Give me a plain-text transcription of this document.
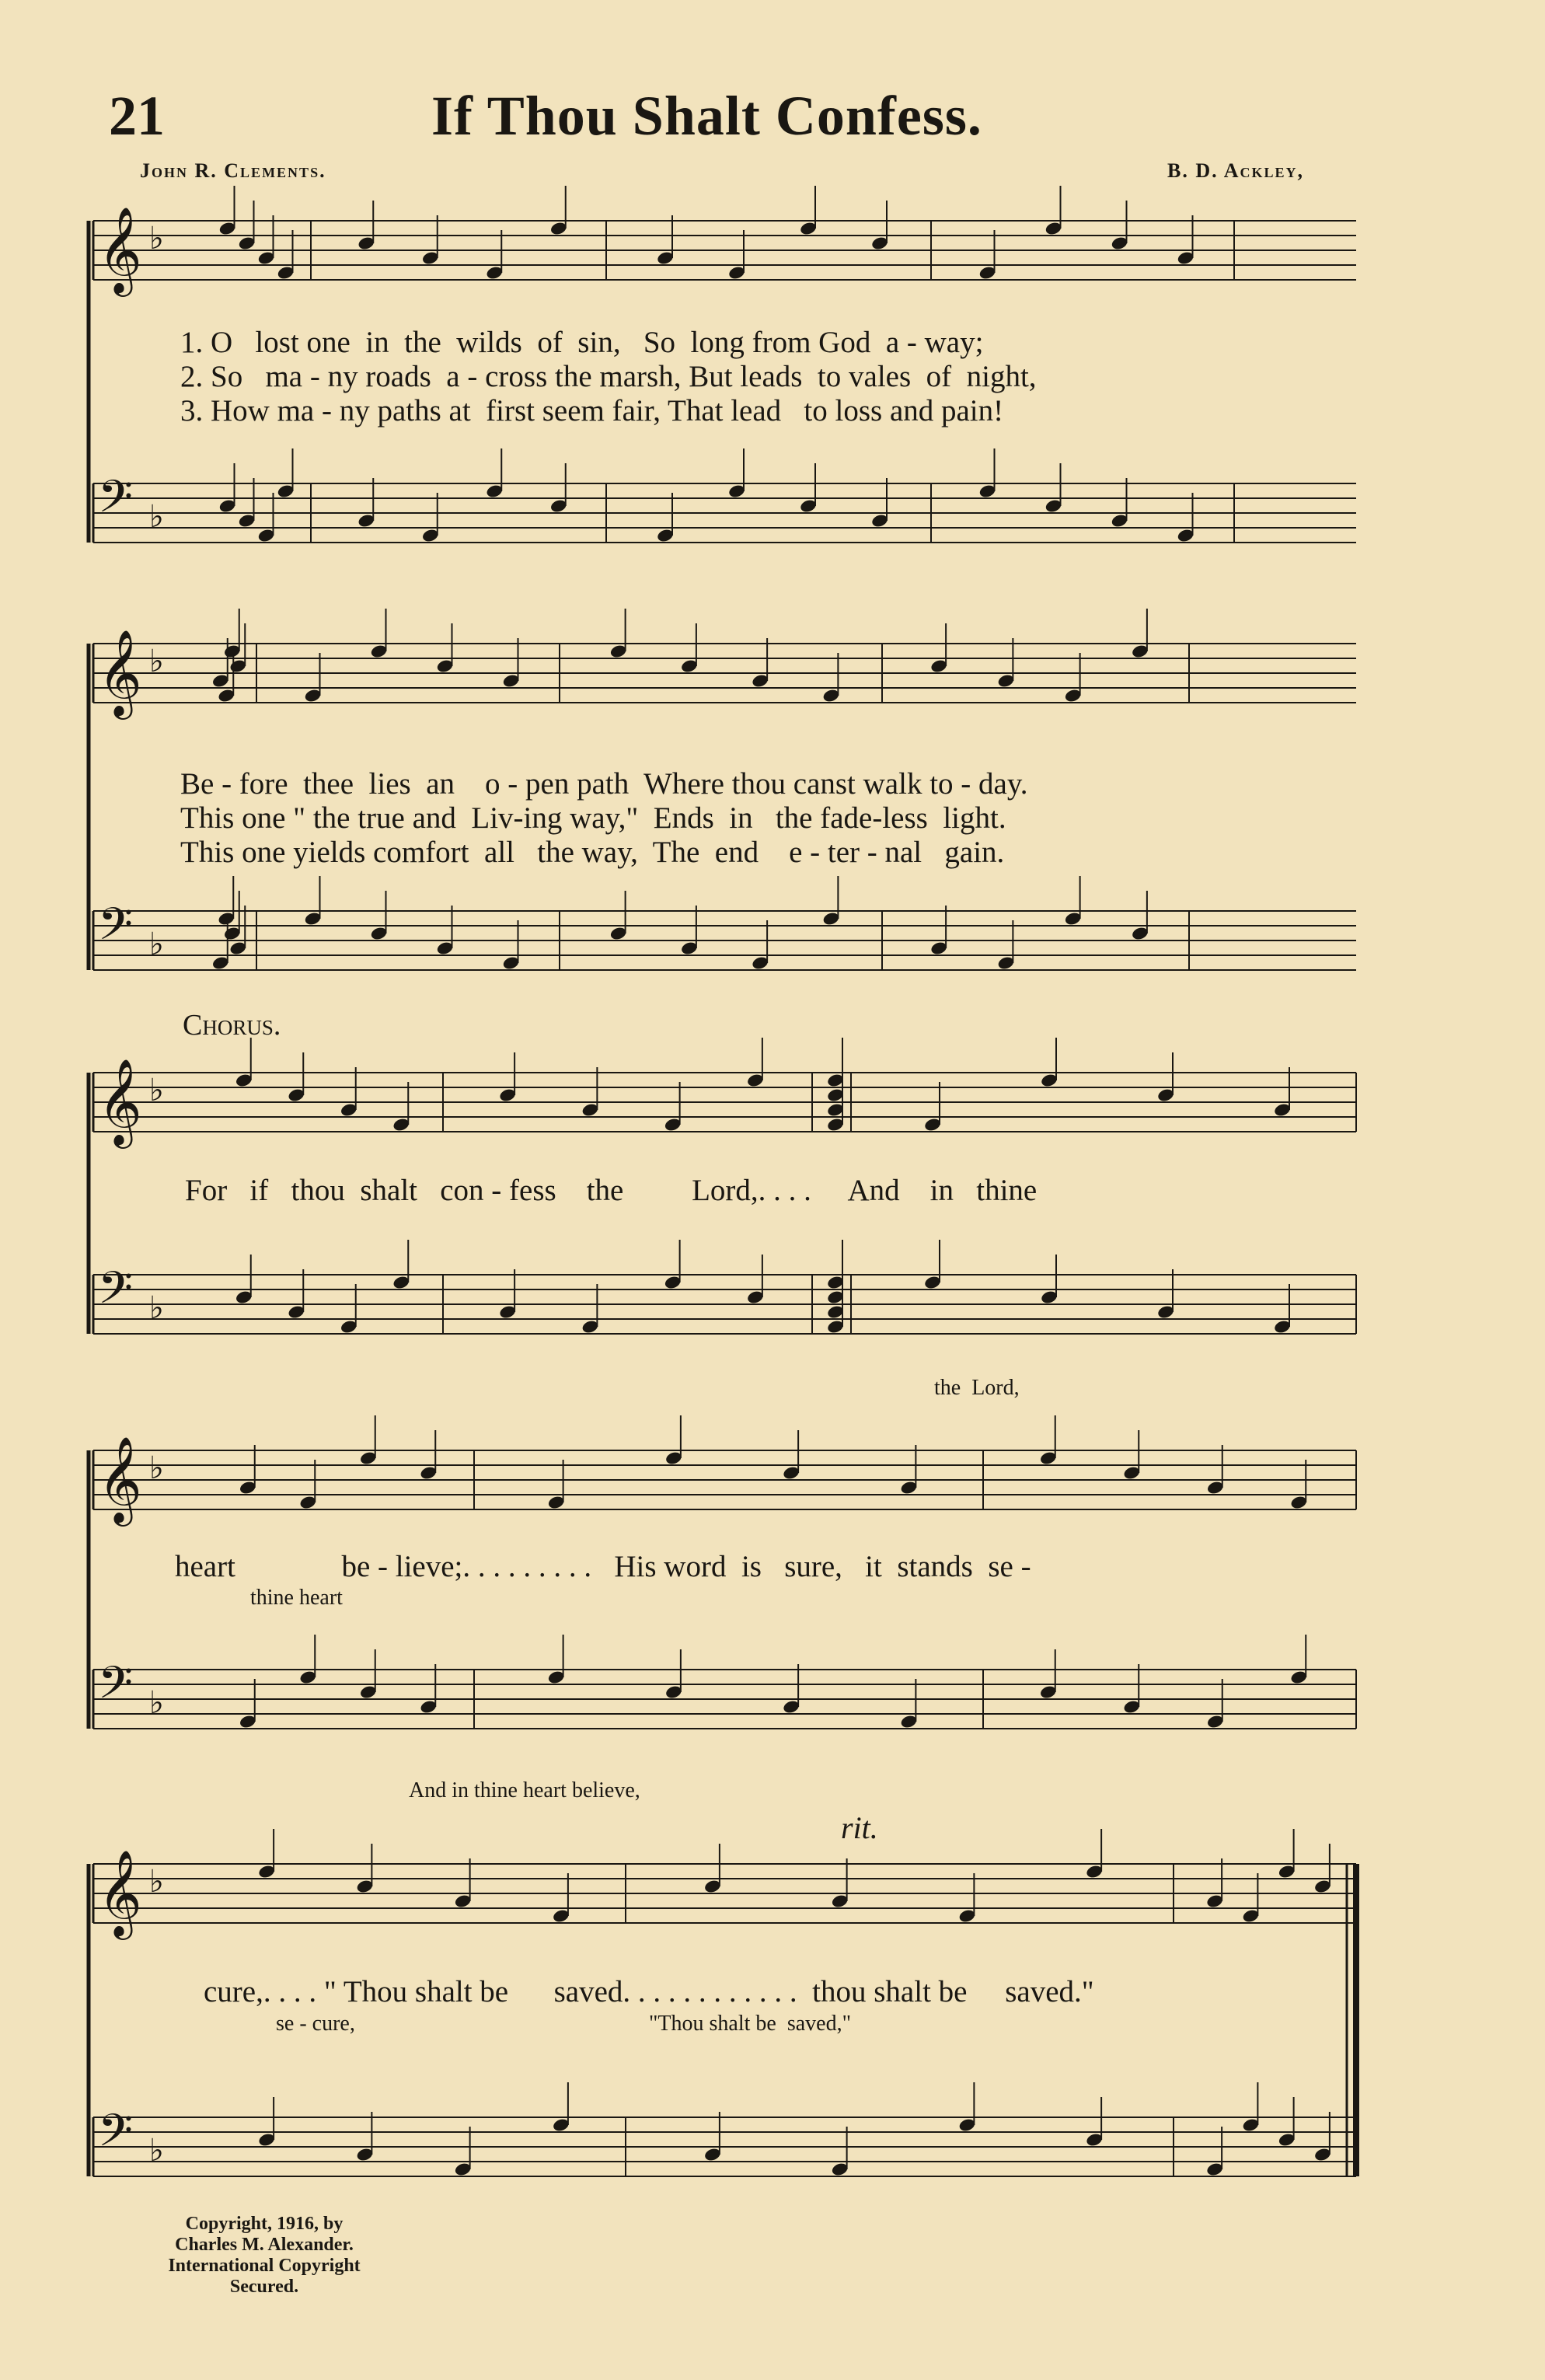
21	If Thou Shalt Confess.
John R. Clements.	B. D. Ackley,
𝄞 ♭
𝄢 ♭
𝄞 ♭
𝄢 ♭
𝄞 ♭
𝄢 ♭
𝄞 ♭
𝄢 ♭
𝄞 ♭
𝄢 ♭
1. O   lost one  in  the  wilds  of  sin,   So  long from God  a - way;
2. So   ma - ny roads  a - cross the marsh, But leads  to vales  of  night,
3. How ma - ny paths at  first seem fair, That lead   to loss and pain!
Be - fore  thee  lies  an    o - pen path  Where thou canst walk to - day.
This one " the true and  Liv-ing way,"  Ends  in   the fade-less  light.
This one yields comfort  all   the way,  The  end    e - ter - nal   gain.
Chorus.
For   if   thou  shalt   con - fess    the         Lord,. . . .     And    in   thine
the  Lord,
heart              be - lieve;. . . . . . . . .   His word  is   sure,   it  stands  se -
thine heart
And in thine heart believe,
rit.
cure,. . . . " Thou shalt be      saved. . . . . . . . . . . .  thou shalt be     saved."
se - cure,	"Thou shalt be  saved,"
Copyright, 1916, by
Charles M. Alexander.
International Copyright Secured.
